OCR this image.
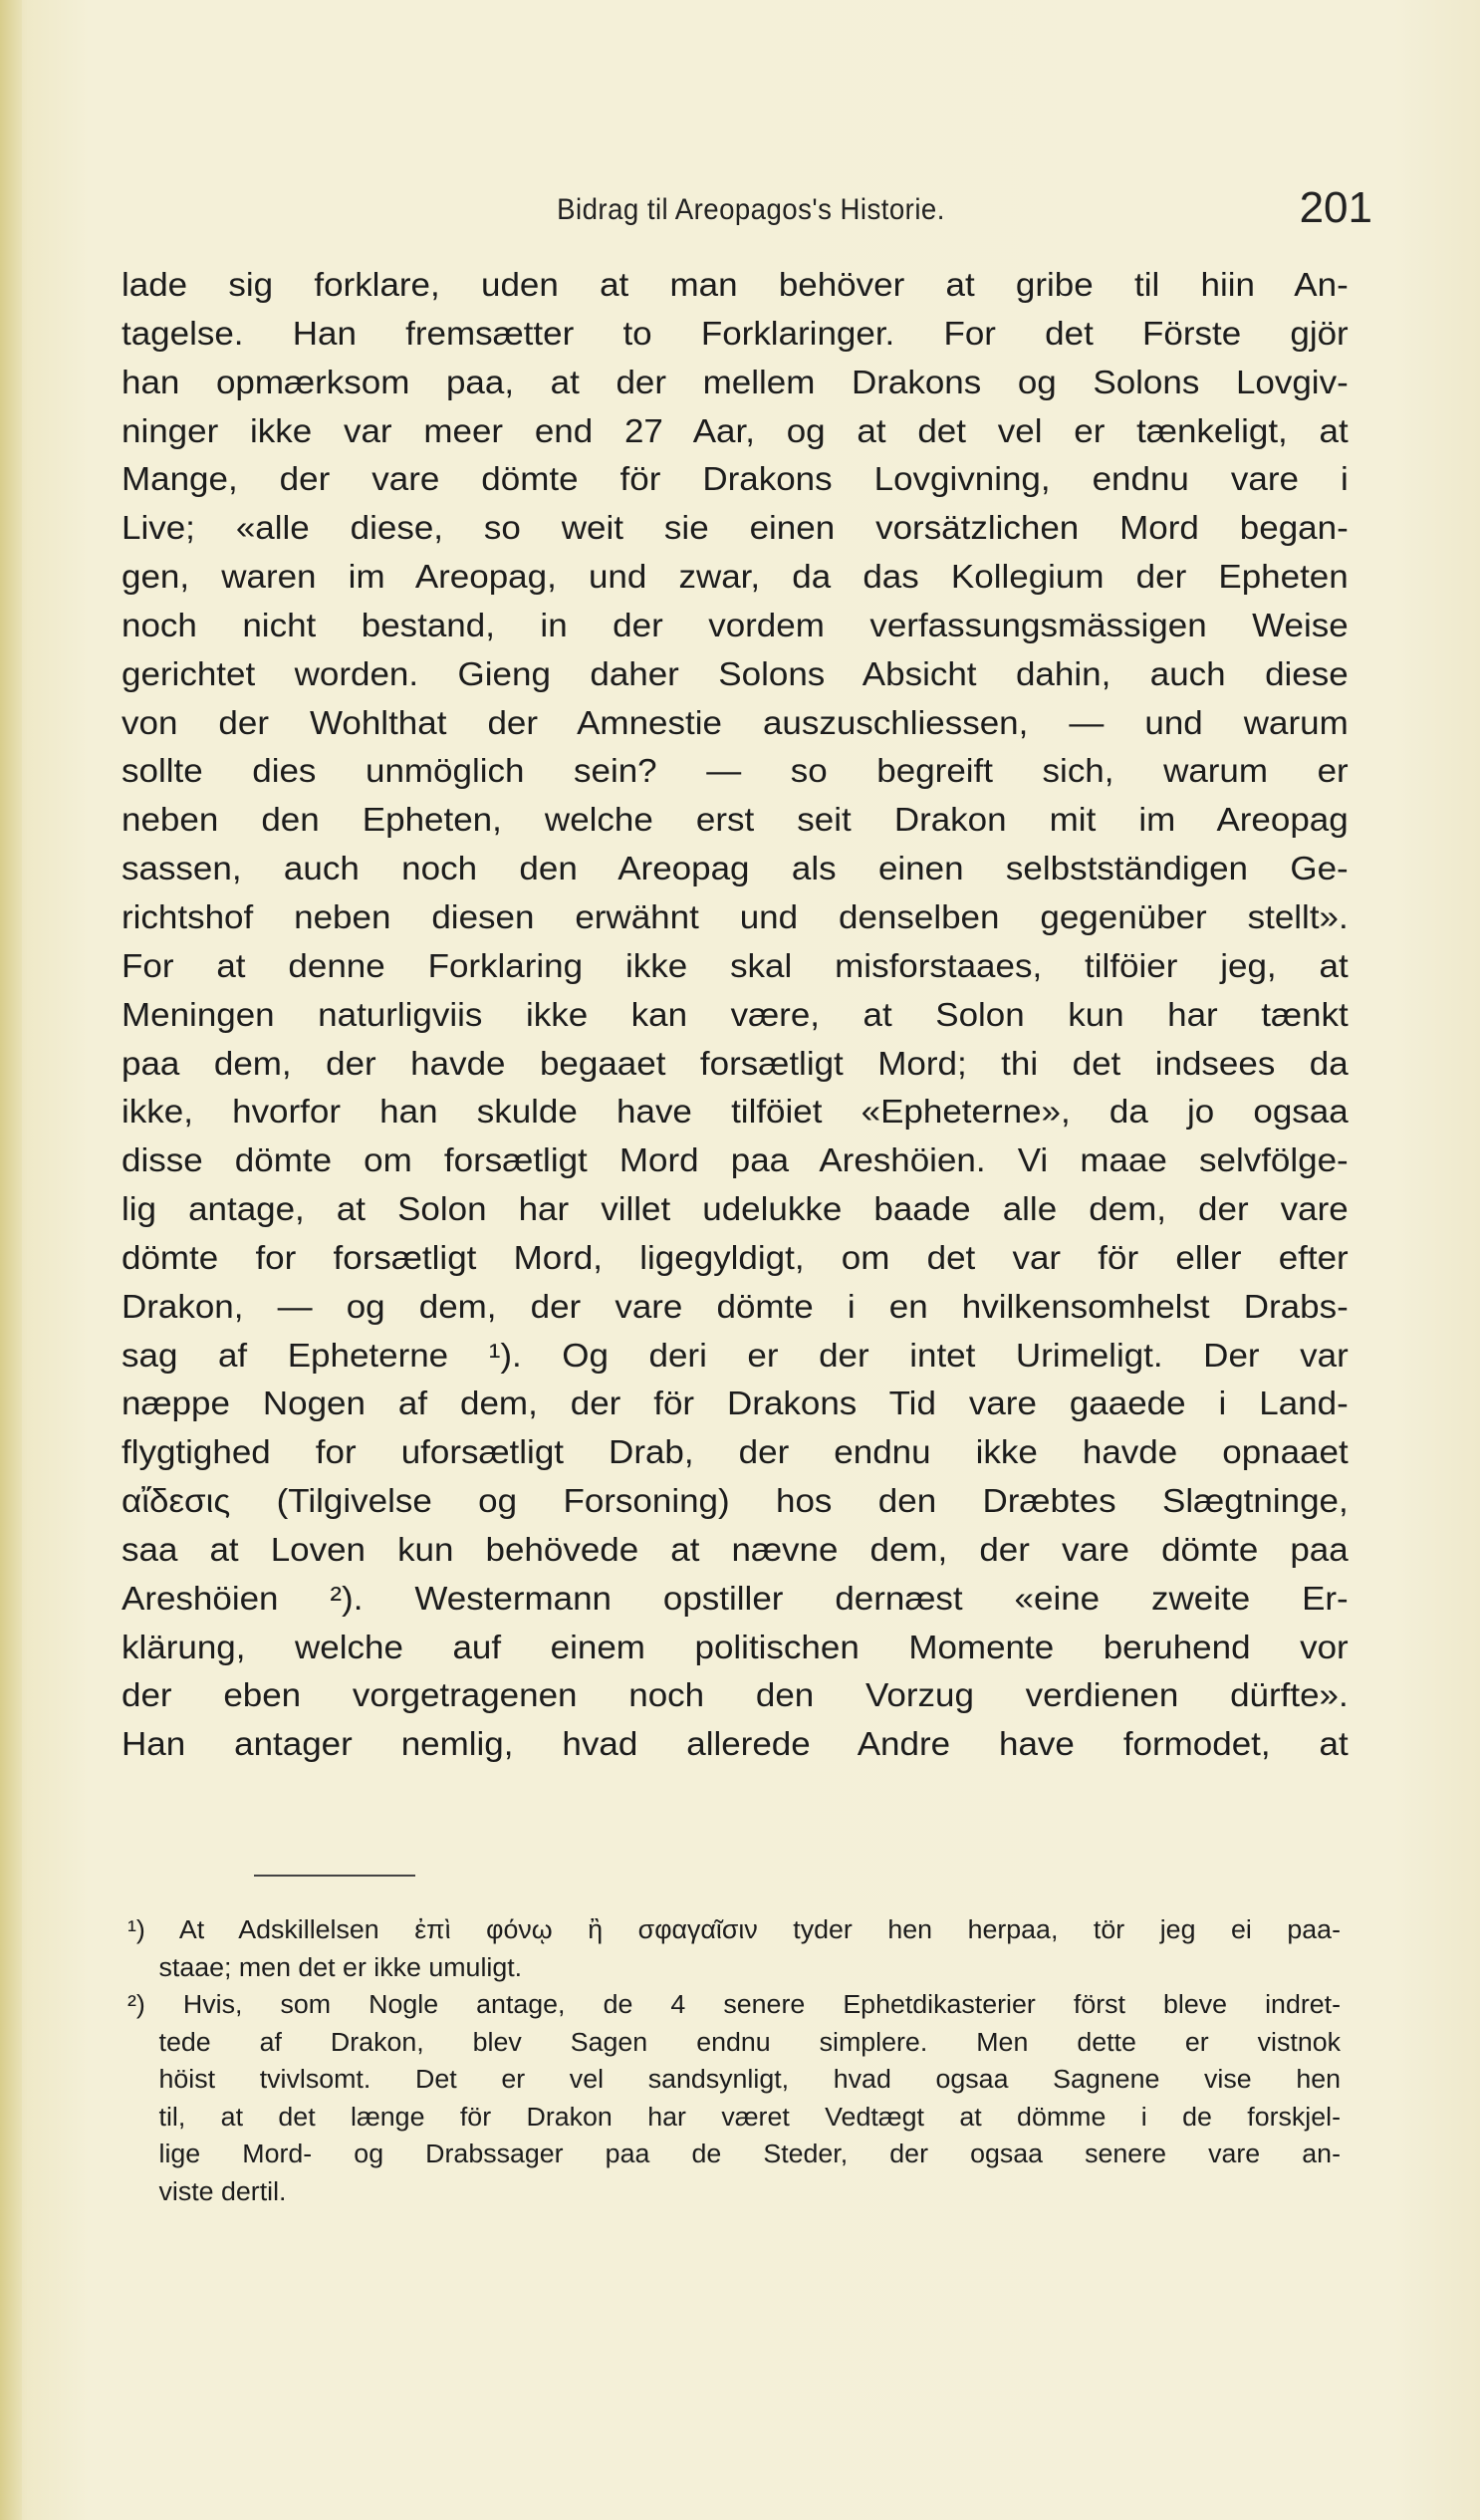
Bidrag til Areopagos's Historie.	201
lade sig forklare, uden at man behöver at gribe til hiin An-
tagelse. Han fremsætter to Forklaringer. For det Förste gjör
han opmærksom paa, at der mellem Drakons og Solons Lovgiv-
ninger ikke var meer end 27 Aar, og at det vel er tænkeligt, at
Mange, der vare dömte för Drakons Lovgivning, endnu vare i
Live; «alle diese, so weit sie einen vorsätzlichen Mord began-
gen, waren im Areopag, und zwar, da das Kollegium der Epheten
noch nicht bestand, in der vordem verfassungsmässigen Weise
gerichtet worden. Gieng daher Solons Absicht dahin, auch diese
von der Wohlthat der Amnestie auszuschliessen, — und warum
sollte dies unmöglich sein? — so begreift sich, warum er
neben den Epheten, welche erst seit Drakon mit im Areopag
sassen, auch noch den Areopag als einen selbstständigen Ge-
richtshof neben diesen erwähnt und denselben gegenüber stellt».
For at denne Forklaring ikke skal misforstaaes, tilföier jeg, at
Meningen naturligviis ikke kan være, at Solon kun har tænkt
paa dem, der havde begaaet forsætligt Mord; thi det indsees da
ikke, hvorfor han skulde have tilföiet «Epheterne», da jo ogsaa
disse dömte om forsætligt Mord paa Areshöien. Vi maae selvfölge-
lig antage, at Solon har villet udelukke baade alle dem, der vare
dömte for forsætligt Mord, ligegyldigt, om det var för eller efter
Drakon, — og dem, der vare dömte i en hvilkensomhelst Drabs-
sag af Epheterne ¹). Og deri er der intet Urimeligt. Der var
næppe Nogen af dem, der för Drakons Tid vare gaaede i Land-
flygtighed for uforsætligt Drab, der endnu ikke havde opnaaet
αἴδεσις (Tilgivelse og Forsoning) hos den Dræbtes Slægtninge,
saa at Loven kun behövede at nævne dem, der vare dömte paa
Areshöien ²). Westermann opstiller dernæst «eine zweite Er-
klärung, welche auf einem politischen Momente beruhend vor
der eben vorgetragenen noch den Vorzug verdienen dürfte».
Han antager nemlig, hvad allerede Andre have formodet, at
¹) At Adskillelsen ἐπὶ φόνῳ ἢ σφαγαῖσιν tyder hen herpaa, tör jeg ei paa-
staae; men det er ikke umuligt.
²) Hvis, som Nogle antage, de 4 senere Ephetdikasterier först bleve indret-
tede af Drakon, blev Sagen endnu simplere. Men dette er vistnok
höist tvivlsomt. Det er vel sandsynligt, hvad ogsaa Sagnene vise hen
til, at det længe för Drakon har været Vedtægt at dömme i de forskjel-
lige Mord- og Drabssager paa de Steder, der ogsaa senere vare an-
viste dertil.
